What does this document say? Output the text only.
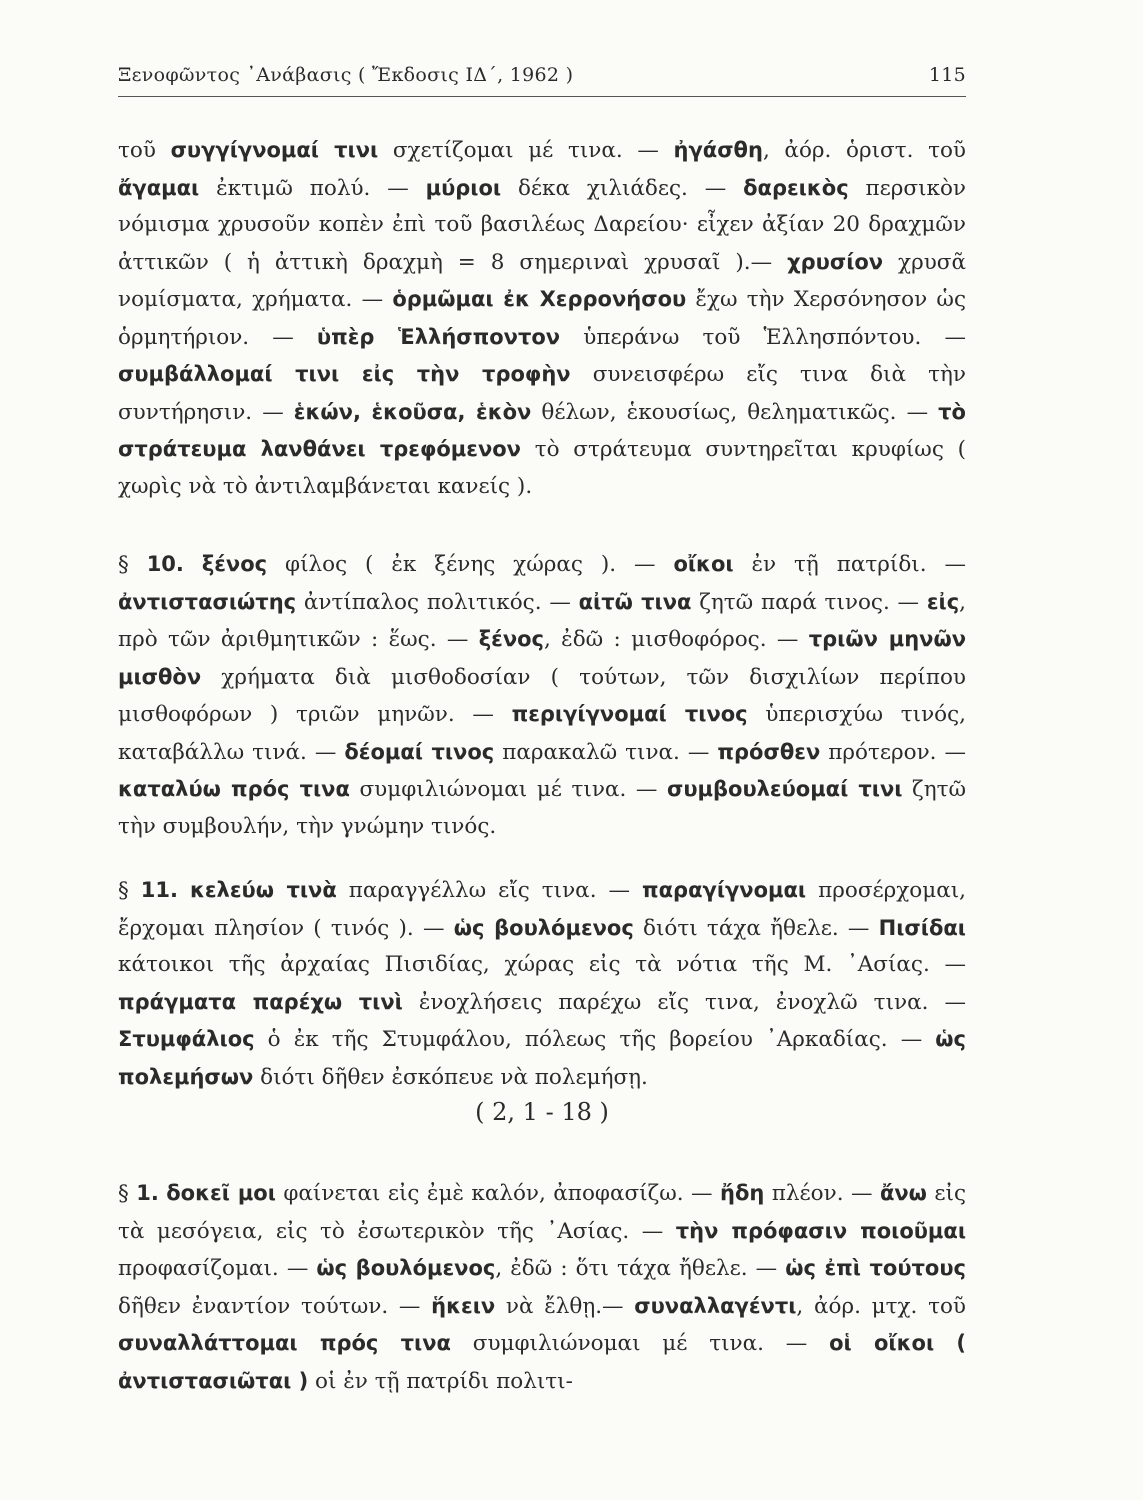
Ξενοφῶντος ᾿Ανάβασις ( Ἔκδοσις ΙΔ΄, 1962 )	115

τοῦ συγγίγνομαί τινι σχετίζομαι μέ τινα. — ἠγάσθη, ἀόρ. ὁριστ. τοῦ ἄγαμαι ἐκτιμῶ πολύ. — μύριοι δέκα χιλιάδες. — δαρεικὸς περσικὸν νόμισμα χρυσοῦν κοπὲν ἐπὶ τοῦ βασιλέως Δαρείου· εἶχεν ἀξίαν 20 δραχμῶν ἀττικῶν ( ἡ ἀττικὴ δραχμὴ = 8 σημεριναὶ χρυσαῖ ).— χρυσίον χρυσᾶ νομίσματα, χρήματα. — ὁρμῶμαι ἐκ Χερρονήσου ἔχω τὴν Χερσόνησον ὡς ὁρμητήριον. — ὑπὲρ Ἑλλήσποντον ὑπεράνω τοῦ Ἑλλησπόντου. — συμβάλλομαί τινι εἰς τὴν τροφὴν συνεισφέρω εἴς τινα διὰ τὴν συντήρησιν. — ἑκών, ἑκοῦσα, ἑκὸν θέλων, ἑκουσίως, θεληματικῶς. — τὸ στράτευμα λανθάνει τρεφόμενον τὸ στράτευμα συντηρεῖται κρυφίως ( χωρὶς νὰ τὸ ἀντιλαμβάνεται κανείς ).

§ 10. ξένος φίλος ( ἐκ ξένης χώρας ). — οἴκοι ἐν τῇ πατρίδι. — ἀντιστασιώτης ἀντίπαλος πολιτικός. — αἰτῶ τινα ζητῶ παρά τινος. — εἰς, πρὸ τῶν ἀριθμητικῶν : ἕως. — ξένος, ἐδῶ : μισθοφόρος. — τριῶν μηνῶν μισθὸν χρήματα διὰ μισθοδοσίαν ( τούτων, τῶν δισχιλίων περίπου μισθοφόρων ) τριῶν μηνῶν. — περιγίγνομαί τινος ὑπερισχύω τινός, καταβάλλω τινά. — δέομαί τινος παρακαλῶ τινα. — πρόσθεν πρότερον. — καταλύω πρός τινα συμφιλιώνομαι μέ τινα. — συμβουλεύομαί τινι ζητῶ τὴν συμβουλήν, τὴν γνώμην τινός.

§ 11. κελεύω τινὰ παραγγέλλω εἴς τινα. — παραγίγνομαι προσέρχομαι, ἔρχομαι πλησίον ( τινός ). — ὡς βουλόμενος διότι τάχα ἤθελε. — Πισίδαι κάτοικοι τῆς ἀρχαίας Πισιδίας, χώρας εἰς τὰ νότια τῆς Μ. ᾿Ασίας. — πράγματα παρέχω τινὶ ἐνοχλήσεις παρέχω εἴς τινα, ἐνοχλῶ τινα. — Στυμφάλιος ὁ ἐκ τῆς Στυμφάλου, πόλεως τῆς βορείου ᾿Αρκαδίας. — ὡς πολεμήσων διότι δῆθεν ἐσκόπευε νὰ πολεμήσῃ.

( 2, 1 - 18 )

§ 1. δοκεῖ μοι φαίνεται εἰς ἐμὲ καλόν, ἀποφασίζω. — ἤδη πλέον. — ἄνω εἰς τὰ μεσόγεια, εἰς τὸ ἐσωτερικὸν τῆς ᾿Ασίας. — τὴν πρόφασιν ποιοῦμαι προφασίζομαι. — ὡς βουλόμενος, ἐδῶ : ὅτι τάχα ἤθελε. — ὡς ἐπὶ τούτους δῆθεν ἐναντίον τούτων. — ἥκειν νὰ ἔλθῃ.— συναλλαγέντι, ἀόρ. μτχ. τοῦ συναλλάττομαι πρός τινα συμφιλιώνομαι μέ τινα. — οἱ οἴκοι ( ἀντιστασιῶται ) οἱ ἐν τῇ πατρίδι πολιτι-
